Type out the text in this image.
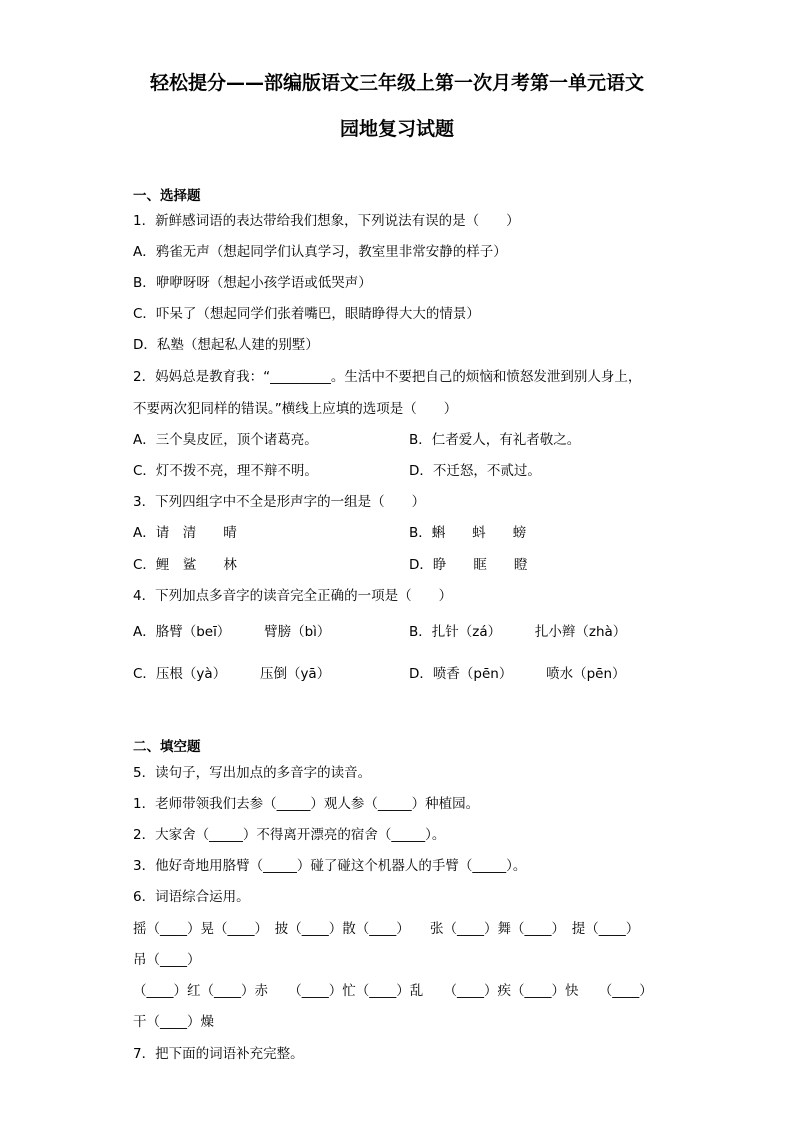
轻松提分——部编版语文三年级上第一次月考第一单元语文
园地复习试题
一、选择题
1．新鲜感词语的表达带给我们想象，下列说法有误的是（　　）
A．鸦雀无声（想起同学们认真学习，教室里非常安静的样子）
B．咿咿呀呀（想起小孩学语或低哭声）
C．吓呆了（想起同学们张着嘴巴，眼睛睁得大大的情景）
D．私塾（想起私人建的别墅）
2．妈妈总是教育我：“_________。生活中不要把自己的烦恼和愤怒发泄到别人身上，
不要两次犯同样的错误。”横线上应填的选项是（　　）
A．三个臭皮匠，顶个诸葛亮。	B．仁者爱人，有礼者敬之。
C．灯不拨不亮，理不辩不明。	D．不迁怒，不贰过。
3．下列四组字中不全是形声字的一组是（　　）
A．请　清　　晴	B．蝌　　蚪　　螃
C．鲤　鲨　　林	D．睁　　眶　　瞪
4．下列加点多音字的读音完全正确的一项是（　　）
A．胳臂（beī）　　　臂膀（bì）	B．扎针（zá）　　　扎小辫（zhà）
C．压根（yà）　　　压倒（yā）	D．喷香（pēn）　　　喷水（pēn）
二、填空题
5．读句子，写出加点的多音字的读音。
1．老师带领我们去参（_____）观人参（_____）种植园。
2．大家舍（_____）不得离开漂亮的宿舍（_____）。
3．他好奇地用胳臂（_____）碰了碰这个机器人的手臂（_____）。
6．词语综合运用。
摇（____）晃（____）　披（____）散（____）　　张（____）舞（____）　提（____）
吊（____）
（____）红（____）赤　　（____）忙（____）乱　　（____）疾（____）快　　（____）
干（____）燥
7．把下面的词语补充完整。
